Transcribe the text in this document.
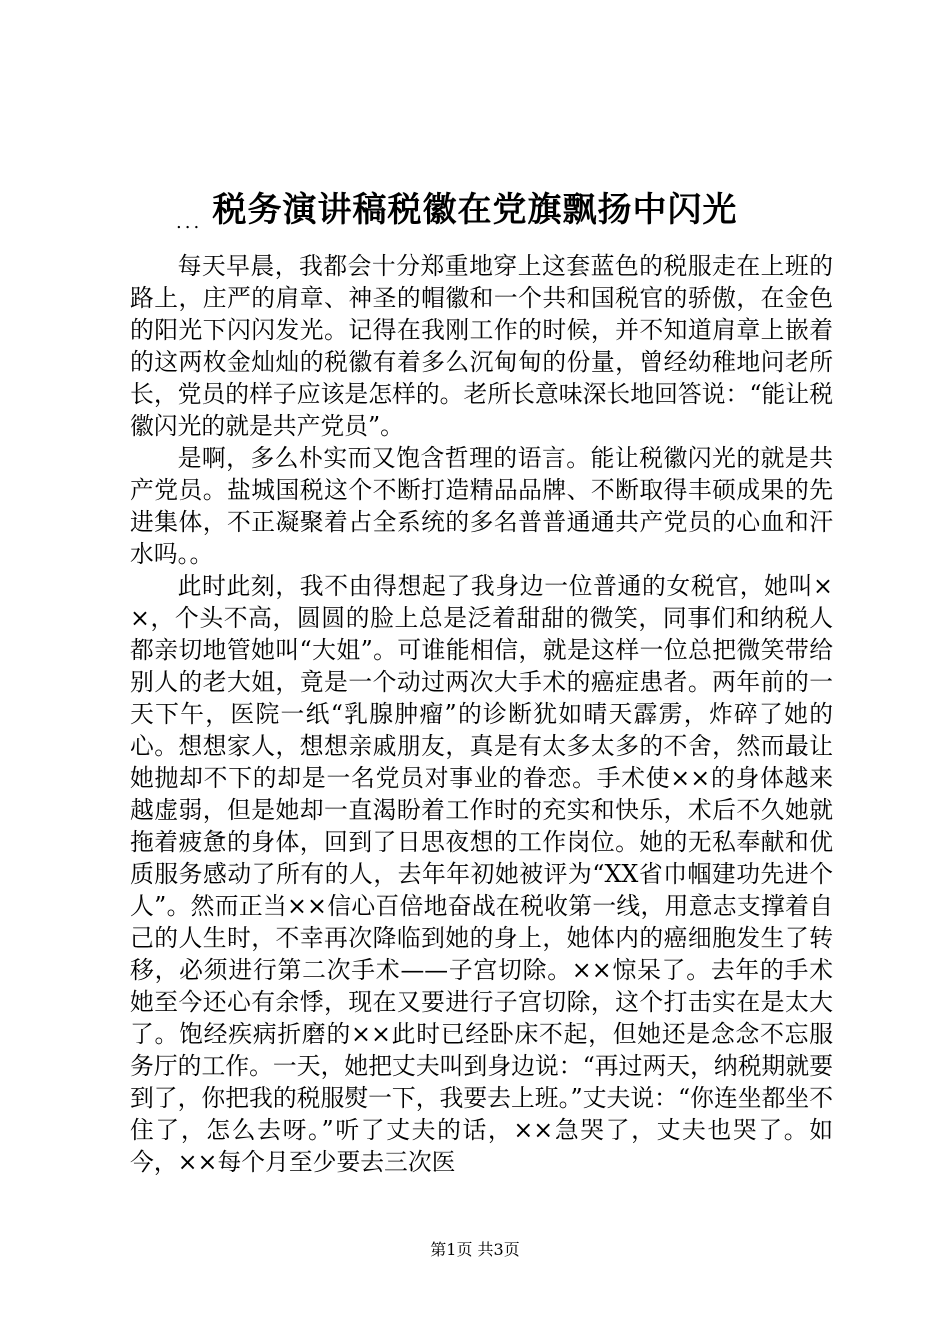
税务演讲稿税徽在党旗飘扬中闪光
...

每天早晨，我都会十分郑重地穿上这套蓝色的税服走在上班的路上，庄严的肩章、神圣的帽徽和一个共和国税官的骄傲，在金色的阳光下闪闪发光。记得在我刚工作的时候，并不知道肩章上嵌着的这两枚金灿灿的税徽有着多么沉甸甸的份量，曾经幼稚地问老所长，党员的样子应该是怎样的。老所长意味深长地回答说：“能让税徽闪光的就是共产党员”。

是啊，多么朴实而又饱含哲理的语言。能让税徽闪光的就是共产党员。盐城国税这个不断打造精品品牌、不断取得丰硕成果的先进集体，不正凝聚着占全系统的多名普普通通共产党员的心血和汗水吗。。

此时此刻，我不由得想起了我身边一位普通的女税官，她叫××，个头不高，圆圆的脸上总是泛着甜甜的微笑，同事们和纳税人都亲切地管她叫“大姐”。可谁能相信，就是这样一位总把微笑带给别人的老大姐，竟是一个动过两次大手术的癌症患者。两年前的一天下午，医院一纸“乳腺肿瘤”的诊断犹如晴天霹雳，炸碎了她的心。想想家人，想想亲戚朋友，真是有太多太多的不舍，然而最让她抛却不下的却是一名党员对事业的眷恋。手术使××的身体越来越虚弱，但是她却一直渴盼着工作时的充实和快乐，术后不久她就拖着疲惫的身体，回到了日思夜想的工作岗位。她的无私奉献和优质服务感动了所有的人，去年年初她被评为“XX省巾帼建功先进个人”。然而正当××信心百倍地奋战在税收第一线，用意志支撑着自己的人生时，不幸再次降临到她的身上，她体内的癌细胞发生了转移，必须进行第二次手术——子宫切除。××惊呆了。去年的手术她至今还心有余悸，现在又要进行子宫切除，这个打击实在是太大了。饱经疾病折磨的××此时已经卧床不起，但她还是念念不忘服务厅的工作。一天，她把丈夫叫到身边说：“再过两天，纳税期就要到了，你把我的税服熨一下，我要去上班。”丈夫说：“你连坐都坐不住了，怎么去呀。”听了丈夫的话，××急哭了，丈夫也哭了。如今，××每个月至少要去三次医

第1页 共3页
